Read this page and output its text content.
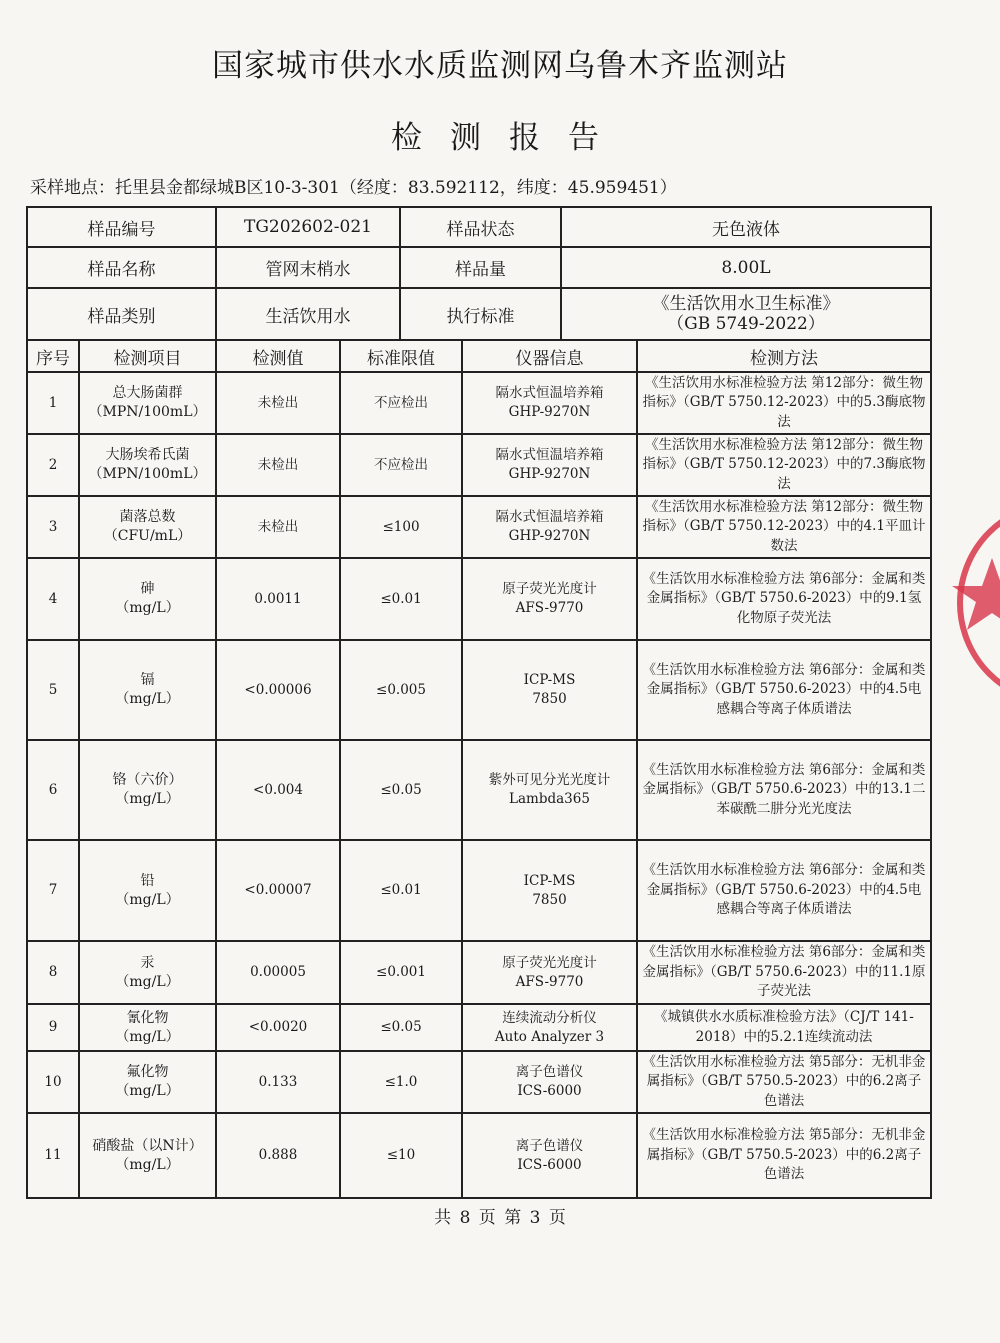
国家城市供水水质监测网乌鲁木齐监测站
检测报告
采样地点：托里县金都绿城B区10-3-301（经度：83.592112，纬度：45.959451）
样品编号	TG202602-021	样品状态	无色液体
样品名称	管网末梢水	样品量	8.00L
样品类别	生活饮用水	执行标准	《生活饮用水卫生标准》
（GB 5749-2022）
序号	检测项目	检测值	标准限值	仪器信息	检测方法
1	总大肠菌群
（MPN/100mL）	未检出	不应检出	隔水式恒温培养箱
GHP-9270N	《生活饮用水标准检验方法 第12部分：微生物指标》（GB/T 5750.12-2023）中的5.3酶底物法
2	大肠埃希氏菌
（MPN/100mL）	未检出	不应检出	隔水式恒温培养箱
GHP-9270N	《生活饮用水标准检验方法 第12部分：微生物指标》（GB/T 5750.12-2023）中的7.3酶底物法
3	菌落总数
（CFU/mL）	未检出	≤100	隔水式恒温培养箱
GHP-9270N	《生活饮用水标准检验方法 第12部分：微生物指标》（GB/T 5750.12-2023）中的4.1平皿计数法
4	砷
（mg/L）	0.0011	≤0.01	原子荧光光度计
AFS-9770	《生活饮用水标准检验方法 第6部分：金属和类金属指标》（GB/T 5750.6-2023）中的9.1氢化物原子荧光法
5	镉
（mg/L）	<0.00006	≤0.005	ICP-MS
7850	《生活饮用水标准检验方法 第6部分：金属和类金属指标》（GB/T 5750.6-2023）中的4.5电感耦合等离子体质谱法
6	铬（六价）
（mg/L）	<0.004	≤0.05	紫外可见分光光度计
Lambda365	《生活饮用水标准检验方法 第6部分：金属和类金属指标》（GB/T 5750.6-2023）中的13.1二苯碳酰二肼分光光度法
7	铅
（mg/L）	<0.00007	≤0.01	ICP-MS
7850	《生活饮用水标准检验方法 第6部分：金属和类金属指标》（GB/T 5750.6-2023）中的4.5电感耦合等离子体质谱法
8	汞
（mg/L）	0.00005	≤0.001	原子荧光光度计
AFS-9770	《生活饮用水标准检验方法 第6部分：金属和类金属指标》（GB/T 5750.6-2023）中的11.1原子荧光法
9	氰化物
（mg/L）	<0.0020	≤0.05	连续流动分析仪
Auto Analyzer 3	《城镇供水水质标准检验方法》（CJ/T 141-2018）中的5.2.1连续流动法
10	氟化物
（mg/L）	0.133	≤1.0	离子色谱仪
ICS-6000	《生活饮用水标准检验方法 第5部分：无机非金属指标》（GB/T 5750.5-2023）中的6.2离子色谱法
11	硝酸盐（以N计）
（mg/L）	0.888	≤10	离子色谱仪
ICS-6000	《生活饮用水标准检验方法 第5部分：无机非金属指标》（GB/T 5750.5-2023）中的6.2离子色谱法
共 8 页 第 3 页
